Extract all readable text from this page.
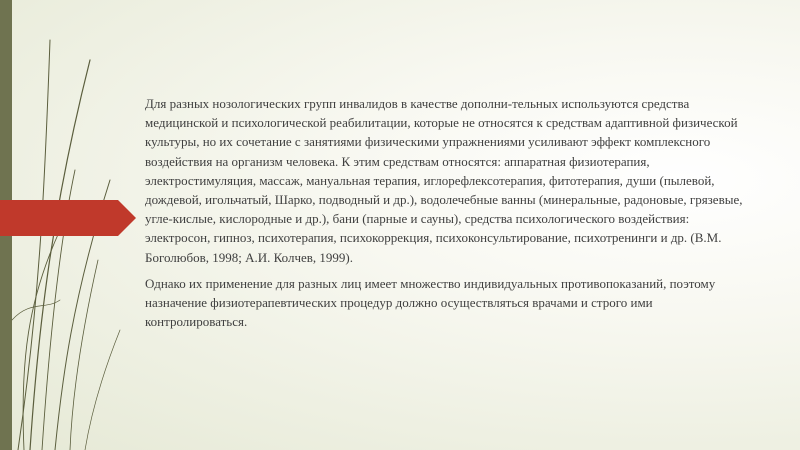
Для разных нозологических групп инвалидов в качестве дополни-тельных используются средства медицинской и психологической реабилитации, которые не относятся к средствам адаптивной физической культуры, но их сочетание с занятиями физическими упражнениями усиливают эффект комплексного воздействия на организм человека. К этим средствам относятся: аппаратная физиотерапия, электростимуляция, массаж, мануальная терапия, иглорефлексотерапия, фитотерапия, души (пылевой, дождевой, игольчатый, Шарко, подводный и др.), водолечебные ванны (минеральные, радоновые, грязевые, угле-кислые, кислородные и др.), бани (парные и сауны), средства психологического воздействия: электросон, гипноз, психотерапия, психокоррекция, психоконсультирование, психотренинги и др. (В.М. Боголюбов, 1998; А.И. Колчев, 1999).

Однако их применение для разных лиц имеет множество индивидуальных противопоказаний, поэтому назначение физиотерапевтических процедур должно осуществляться врачами и строго ими контролироваться.
